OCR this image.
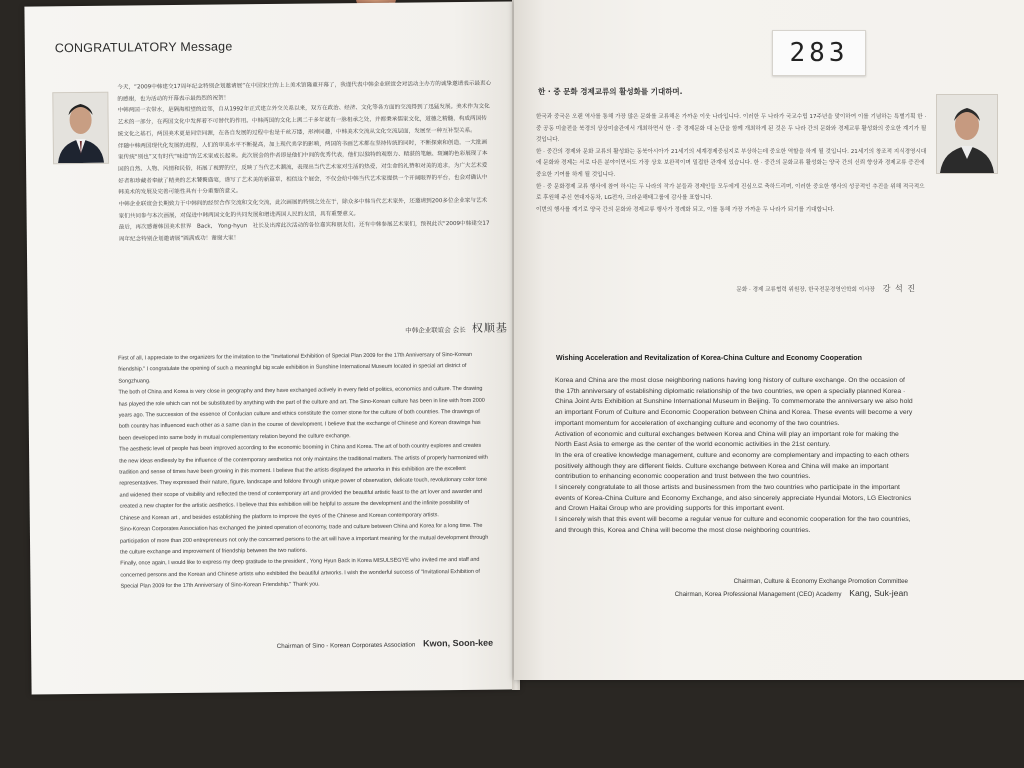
CONGRATULATORY Message

今天，“2009中韩建交17周年纪念特别企划邀请展”在中国宋庄的上上美术馆隆重开幕了，我谨代表中韩企业联谊会对活动主办方的诚挚邀请表示最衷心的感谢，也为活动的开幕表示最热烈的祝贺！

中韩两国一衣带水，是隔海相望的近邻，自从1992年正式建立外交关系以来，双方在政治、经济、文化等各方面的交流得到了迅猛发展。美术作为文化艺术的一部分，在两国文化中发挥着不可替代的作用。中韩两国的文化上溯二千多年就有一脉相承之处，并都秉承儒家文化，道德之精髓，构成两国传统文化之基石，两国美术更是同宗同源，在各自发展的过程中也是千丝万缕，形神同趣，中韩美术交流从文化交流层面，发展至一种互补型关系。

伴随中韩两国现代化发展的进程，人们的审美水平不断提高，加上现代美学的影响，两国的书画艺术都在坚持传统的同时，不断探索和创造，一大批画家传统“别也”又有时代“味道”的艺术家成长起来。此次展会的作者即是他们中间的优秀代表，他们以独特的观察力、精湛的笔触、斑斓的色彩展现了本国的自然、人物、风情和民俗，拓展了视野的空，反映了当代艺术潮流，表现出当代艺术家对生活的热爱，对生命的礼赞和对美的追求，为广大艺术爱好者和珍藏者奉献了精美的艺术饕餮盛宴，谱写了艺术美的新篇章，相信这个展会，不仅会给中韩当代艺术家提供一个开阔眼界的平台，也会对确认中韩美术的发展及完善可能性具有十分重要的意义。

中韩企业联谊会长期致力于中韩间的经贸合作交流和文化交流，此次画展的特别之处在于，除众多中韩当代艺术家外，还邀请到200多位企业家与艺术家们共同参与本次画展，对促进中韩两国文化的共同发展和增进两国人民的友谊，具有重要意义。

最后，再次感谢韩国美术世界　Back,　Yong-hyun　社长及出席此次活动的各位嘉宾和朋友们，还有中韩参展艺术家们，预祝此次“2009中韩建交17周年纪念特别企划邀请展”圆满成功！谢谢大家！

中韩企业联谊会 会长 权顺基

First of all, I appreciate to the organizers for the invitation to the "Invitational Exhibition of Special Plan 2009 for the 17th Anniversary of Sino-Korean friendship." I congratulate the opening of such a meaningful big scale exhibition in Sunshine International Museum located in special art district of Songzhuang.

The both of China and Korea is very close in geography and they have exchanged actively in every field of politics, economics and culture. The drawing has played the role which can not be substituted by anything with the part of the culture and art. The Sino-Korean culture has been in line with from 2000 years ago. The succession of the essence of Confucian culture and ethics constitute the corner stone for the culture of both countries. The drawings of both country has influenced each other as a same clan in the course of development. I believe that the exchange of Chinese and Korean drawings has been developed into same body in mutual complementary relation beyond the culture exchange.

The aesthetic level of people has been improved according to the economic booming in China and Korea. The art of both country explores and creates the new ideas endlessly by the influence of the contemporary aesthetics not only maintains the traditional matters. The artists of properly harmonized with tradition and sense of times have been growing in this moment. I believe that the artists displayed the artworks in this exhibition are the excellent representatives. They expressed their nature, figure, landscape and folklore through unique power of observation, delicate touch, revolutionary color tone and widened their scope of visibility and reflected the trend of contemporary art and provided the beautiful artistic feast to the art lover and awarder and created a new chapter for the artistic aesthetics. I believe that this exhibition will be helpful to assure the development and the infinite possibility of Chinese and Korean art , and besides establishing the platform to improve the eyes of the Chinese and Korean contemporary artists.

Sino-Korean Corporates Association has exchanged the jointed operation of economy, trade and culture between China and Korea for a long time. The participation of more than 200 entrepreneurs not only the concerned persons to the art will have a important meaning for the mutual development through the culture exchange and improvement of friendship between the two nations.

Finally, once again, I would like to express my deep gratitude to the president , Yong Hyun Back in Korea MISULSEGYE who invited me and staff and concerned persons and the Korean and Chinese artists who exhibited the beautiful artworks. I wish the wonderful success of "Invitational Exhibition of Special Plan 2009 for the 17th Anniversary of Sino-Korean Friendship." Thank you.

Chairman of Sino - Korean Corporates Association Kwon, Soon-kee
283
한 · 중 문화 경제교류의 활성화를 기대하며.

한국과 중국은 오랜 역사를 통해 가장 많은 문화를 교류해온 가까운 이웃 나라입니다. 이러한 두 나라가 국교수립 17주년을 맞이하여 이를 기념하는 특별기획 한 · 중 공동 미술전을 북경의 상상미술관에서 개최하면서 한 · 중 경제문화 대 논단을 함께 개최하게 된 것은 두 나라 간의 문화와 경제교류 활성화의 중요한 계기가 될 것입니다.

한 · 중간의 경제와 문화 교류의 활성화는 동북아시아가 21세기의 세계경제중심지로 부상하는데 중요한 역할을 하게 될 것입니다. 21세기의 창조적 지식경영시대에 문화와 경제는 서로 다른 분야이면서도 가장 상호 보완적이며 밀접한 관계에 있습니다. 한 · 중간의 문화교류 활성화는 양국 간의 신뢰 향상과 경제교류 증진에 중요한 기여를 하게 될 것입니다.

한 · 중 문화경제 교류 행사에 참여 하시는 두 나라의 작가 분들과 경제인들 모두에게 진심으로 축하드리며, 이러한 중요한 행사의 성공적인 추진을 위해 적극적으로 후원해 주신 현대자동차, LG전자, 크라운해태그룹에 감사를 표합니다.

이번의 행사를 계기로 양국 간의 문화와 경제교류 행사가 정례화 되고, 이를 통해 가장 가까운 두 나라가 되기를 기대합니다.

문화 · 경제 교류협력 위원장, 한국전문경영인학회 이사장 강 석 진
Wishing Acceleration and Revitalization of Korea-China Culture and Economy Cooperation

Korea and China are the most close neighboring nations having long history of culture exchange. On the occasion of the 17th anniversary of establishing diplomatic relationship of the two countries, we open a specially planned Korea · China Joint Arts Exhibition at Sunshine International Museum in Beijing. To commemorate the anniversary we also hold an important Forum of Culture and Economic Cooperation between China and Korea. These events will become a very important momentum for acceleration of exchanging culture and economy of the two countries.

Activation of economic and cultural exchanges between Korea and China will play an important role for making the North East Asia to emerge as the center of the world economic activities in the 21st century.

In the era of creative knowledge management, culture and economy are complementary and impacting to each others positively although they are different fields. Culture exchange between Korea and China will make an important contribution to enhancing economic cooperation and trust between the two countries.

I sincerely congratulate to all those artists and businessmen from the two countries who participate in the important events of Korea-China Culture and Economy Exchange, and also sincerely appreciate Hyundai Motors, LG Electronics and Crown Haitai Group who are providing supports for this important event.

I sincerely wish that this event will become a regular venue for culture and economic cooperation for the two countries, and through this, Korea and China will become the most close neighboring countries.

Chairman, Culture & Economy Exchange Promotion Committee
Chairman, Korea Professional Management (CEO) Academy Kang, Suk-jean
